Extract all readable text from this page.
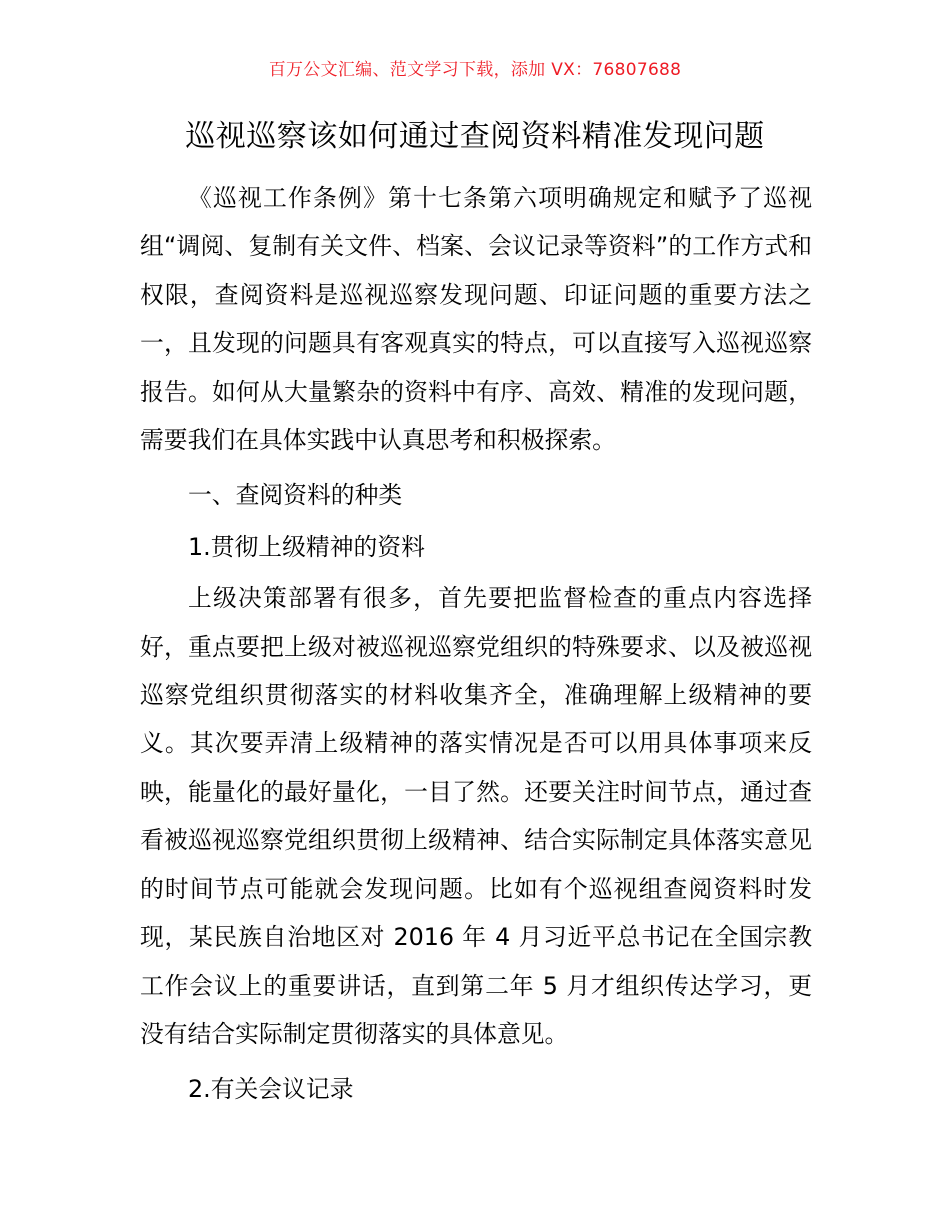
百万公文汇编、范文学习下载，添加 VX：76807688
巡视巡察该如何通过查阅资料精准发现问题

《巡视工作条例》第十七条第六项明确规定和赋予了巡视组“调阅、复制有关文件、档案、会议记录等资料”的工作方式和权限，查阅资料是巡视巡察发现问题、印证问题的重要方法之一，且发现的问题具有客观真实的特点，可以直接写入巡视巡察报告。如何从大量繁杂的资料中有序、高效、精准的发现问题，需要我们在具体实践中认真思考和积极探索。

一、查阅资料的种类

1.贯彻上级精神的资料

上级决策部署有很多，首先要把监督检查的重点内容选择好，重点要把上级对被巡视巡察党组织的特殊要求、以及被巡视巡察党组织贯彻落实的材料收集齐全，准确理解上级精神的要义。其次要弄清上级精神的落实情况是否可以用具体事项来反映，能量化的最好量化，一目了然。还要关注时间节点，通过查看被巡视巡察党组织贯彻上级精神、结合实际制定具体落实意见的时间节点可能就会发现问题。比如有个巡视组查阅资料时发现，某民族自治地区对 2016 年 4 月习近平总书记在全国宗教工作会议上的重要讲话，直到第二年 5 月才组织传达学习，更没有结合实际制定贯彻落实的具体意见。

2.有关会议记录
